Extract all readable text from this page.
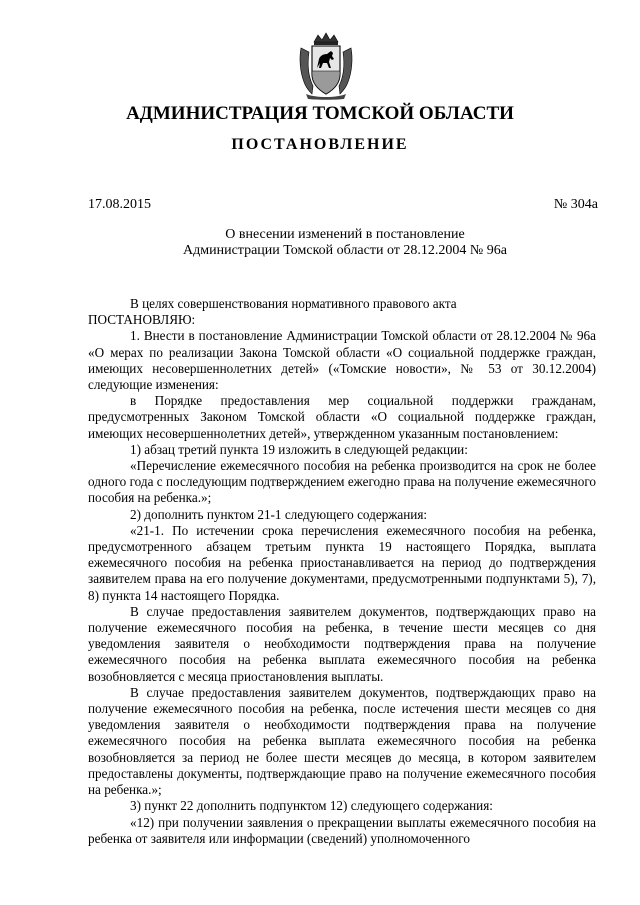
АДМИНИСТРАЦИЯ ТОМСКОЙ ОБЛАСТИ
ПОСТАНОВЛЕНИЕ
17.08.2015	№ 304а
О внесении изменений в постановление
Администрации Томской области от 28.12.2004 № 96а

В целях совершенствования нормативного правового акта

ПОСТАНОВЛЯЮ:

1. Внести в постановление Администрации Томской области от 28.12.2004 № 96а «О мерах по реализации Закона Томской области «О социальной поддержке граждан, имеющих несовершеннолетних детей» («Томские новости», № 53 от 30.12.2004) следующие изменения:

в Порядке предоставления мер социальной поддержки гражданам, предусмотренных Законом Томской области «О социальной поддержке граждан, имеющих несовершеннолетних детей», утвержденном указанным постановлением:

1) абзац третий пункта 19 изложить в следующей редакции:

«Перечисление ежемесячного пособия на ребенка производится на срок не более одного года с последующим подтверждением ежегодно права на получение ежемесячного пособия на ребенка.»;

2) дополнить пунктом 21-1 следующего содержания:

«21-1. По истечении срока перечисления ежемесячного пособия на ребенка, предусмотренного абзацем третьим пункта 19 настоящего Порядка, выплата ежемесячного пособия на ребенка приостанавливается на период до подтверждения заявителем права на его получение документами, предусмотренными подпунктами 5), 7), 8) пункта 14 настоящего Порядка.

В случае предоставления заявителем документов, подтверждающих право на получение ежемесячного пособия на ребенка, в течение шести месяцев со дня уведомления заявителя о необходимости подтверждения права на получение ежемесячного пособия на ребенка выплата ежемесячного пособия на ребенка возобновляется с месяца приостановления выплаты.

В случае предоставления заявителем документов, подтверждающих право на получение ежемесячного пособия на ребенка, после истечения шести месяцев со дня уведомления заявителя о необходимости подтверждения права на получение ежемесячного пособия на ребенка выплата ежемесячного пособия на ребенка возобновляется за период не более шести месяцев до месяца, в котором заявителем предоставлены документы, подтверждающие право на получение ежемесячного пособия на ребенка.»;

3) пункт 22 дополнить подпунктом 12) следующего содержания:

«12) при получении заявления о прекращении выплаты ежемесячного пособия на ребенка от заявителя или информации (сведений) уполномоченного
